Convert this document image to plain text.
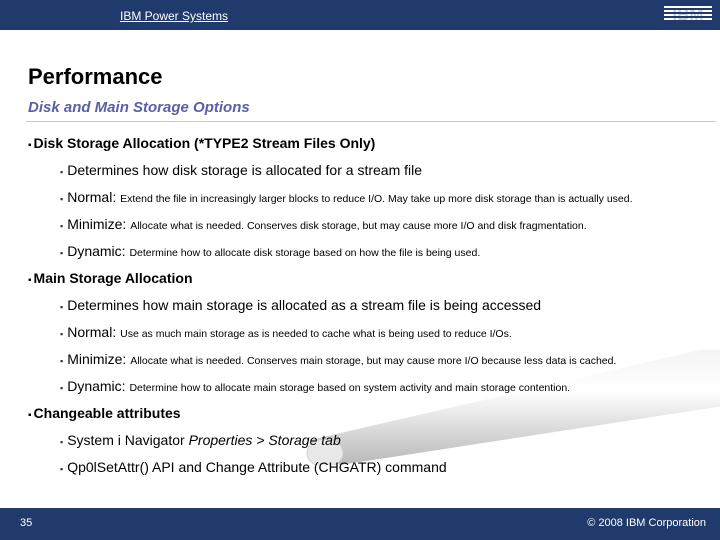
IBM Power Systems	IBM
Performance
Disk and Main Storage Options
▪ Disk Storage Allocation (*TYPE2 Stream Files Only)
▪ Determines how disk storage is allocated for a stream file
▪ Normal: Extend the file in increasingly larger blocks to reduce I/O. May take up more disk storage than is actually used.
▪ Minimize: Allocate what is needed. Conserves disk storage, but may cause more I/O and disk fragmentation.
▪ Dynamic: Determine how to allocate disk storage based on how the file is being used.
▪ Main Storage Allocation
▪ Determines how main storage is allocated as a stream file is being accessed
▪ Normal: Use as much main storage as is needed to cache what is being used to reduce I/Os.
▪ Minimize: Allocate what is needed. Conserves main storage, but may cause more I/O because less data is cached.
▪ Dynamic: Determine how to allocate main storage based on system activity and main storage contention.
▪ Changeable attributes
▪ System i Navigator Properties > Storage tab
▪ Qp0lSetAttr() API and Change Attribute (CHGATR) command
35	© 2008 IBM Corporation
